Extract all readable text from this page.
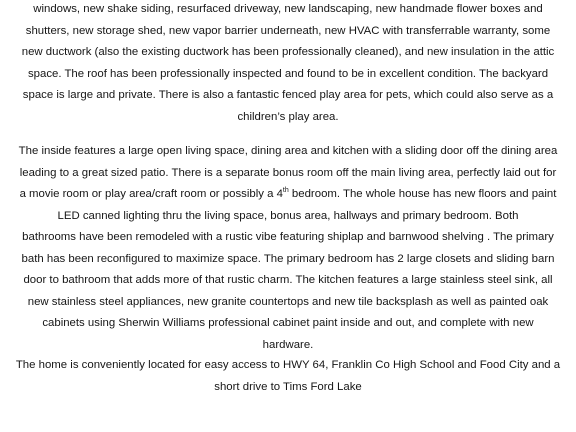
windows, new shake siding, resurfaced driveway, new landscaping, new handmade flower boxes and
shutters, new storage shed, new vapor barrier underneath, new HVAC with transferrable warranty, some
new ductwork (also the existing ductwork has been professionally cleaned), and new insulation in the attic
space. The roof has been professionally inspected and found to be in excellent condition. The backyard
space is large and private. There is also a fantastic fenced play area for pets, which could also serve as a
children’s play area.
The inside features a large open living space, dining area and kitchen with a sliding door off the dining area
leading to a great sized patio. There is a separate bonus room off the main living area, perfectly laid out for
a movie room or play area/craft room or possibly a 4th bedroom. The whole house has new floors and paint
LED canned lighting thru the living space, bonus area, hallways and primary bedroom. Both
bathrooms have been remodeled with a rustic vibe featuring shiplap and barnwood shelving . The primary
bath has been reconfigured to maximize space. The primary bedroom has 2 large closets and sliding barn
door to bathroom that adds more of that rustic charm. The kitchen features a large stainless steel sink, all
new stainless steel appliances, new granite countertops and new tile backsplash as well as painted oak
cabinets using Sherwin Williams professional cabinet paint inside and out, and complete with new
hardware.
The home is conveniently located for easy access to HWY 64, Franklin Co High School and Food City and a
short drive to Tims Ford Lake
